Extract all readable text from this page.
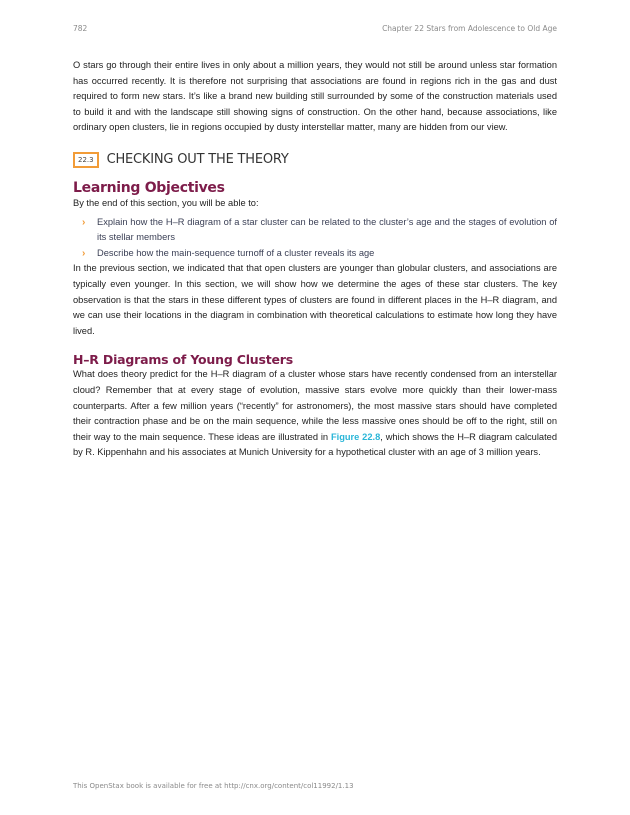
782	Chapter 22 Stars from Adolescence to Old Age

O stars go through their entire lives in only about a million years, they would not still be around unless star formation has occurred recently. It is therefore not surprising that associations are found in regions rich in the gas and dust required to form new stars. It’s like a brand new building still surrounded by some of the construction materials used to build it and with the landscape still showing signs of construction. On the other hand, because associations, like ordinary open clusters, lie in regions occupied by dusty interstellar matter, many are hidden from our view.

22.3	CHECKING OUT THE THEORY
Learning Objectives

By the end of this section, you will be able to:

› Explain how the H–R diagram of a star cluster can be related to the cluster’s age and the stages of evolution of its stellar members
› Describe how the main-sequence turnoff of a cluster reveals its age

In the previous section, we indicated that that open clusters are younger than globular clusters, and associations are typically even younger. In this section, we will show how we determine the ages of these star clusters. The key observation is that the stars in these different types of clusters are found in different places in the H–R diagram, and we can use their locations in the diagram in combination with theoretical calculations to estimate how long they have lived.

H–R Diagrams of Young Clusters

What does theory predict for the H–R diagram of a cluster whose stars have recently condensed from an interstellar cloud? Remember that at every stage of evolution, massive stars evolve more quickly than their lower-mass counterparts. After a few million years (“recently” for astronomers), the most massive stars should have completed their contraction phase and be on the main sequence, while the less massive ones should be off to the right, still on their way to the main sequence. These ideas are illustrated in Figure 22.8, which shows the H–R diagram calculated by R. Kippenhahn and his associates at Munich University for a hypothetical cluster with an age of 3 million years.

This OpenStax book is available for free at http://cnx.org/content/col11992/1.13
